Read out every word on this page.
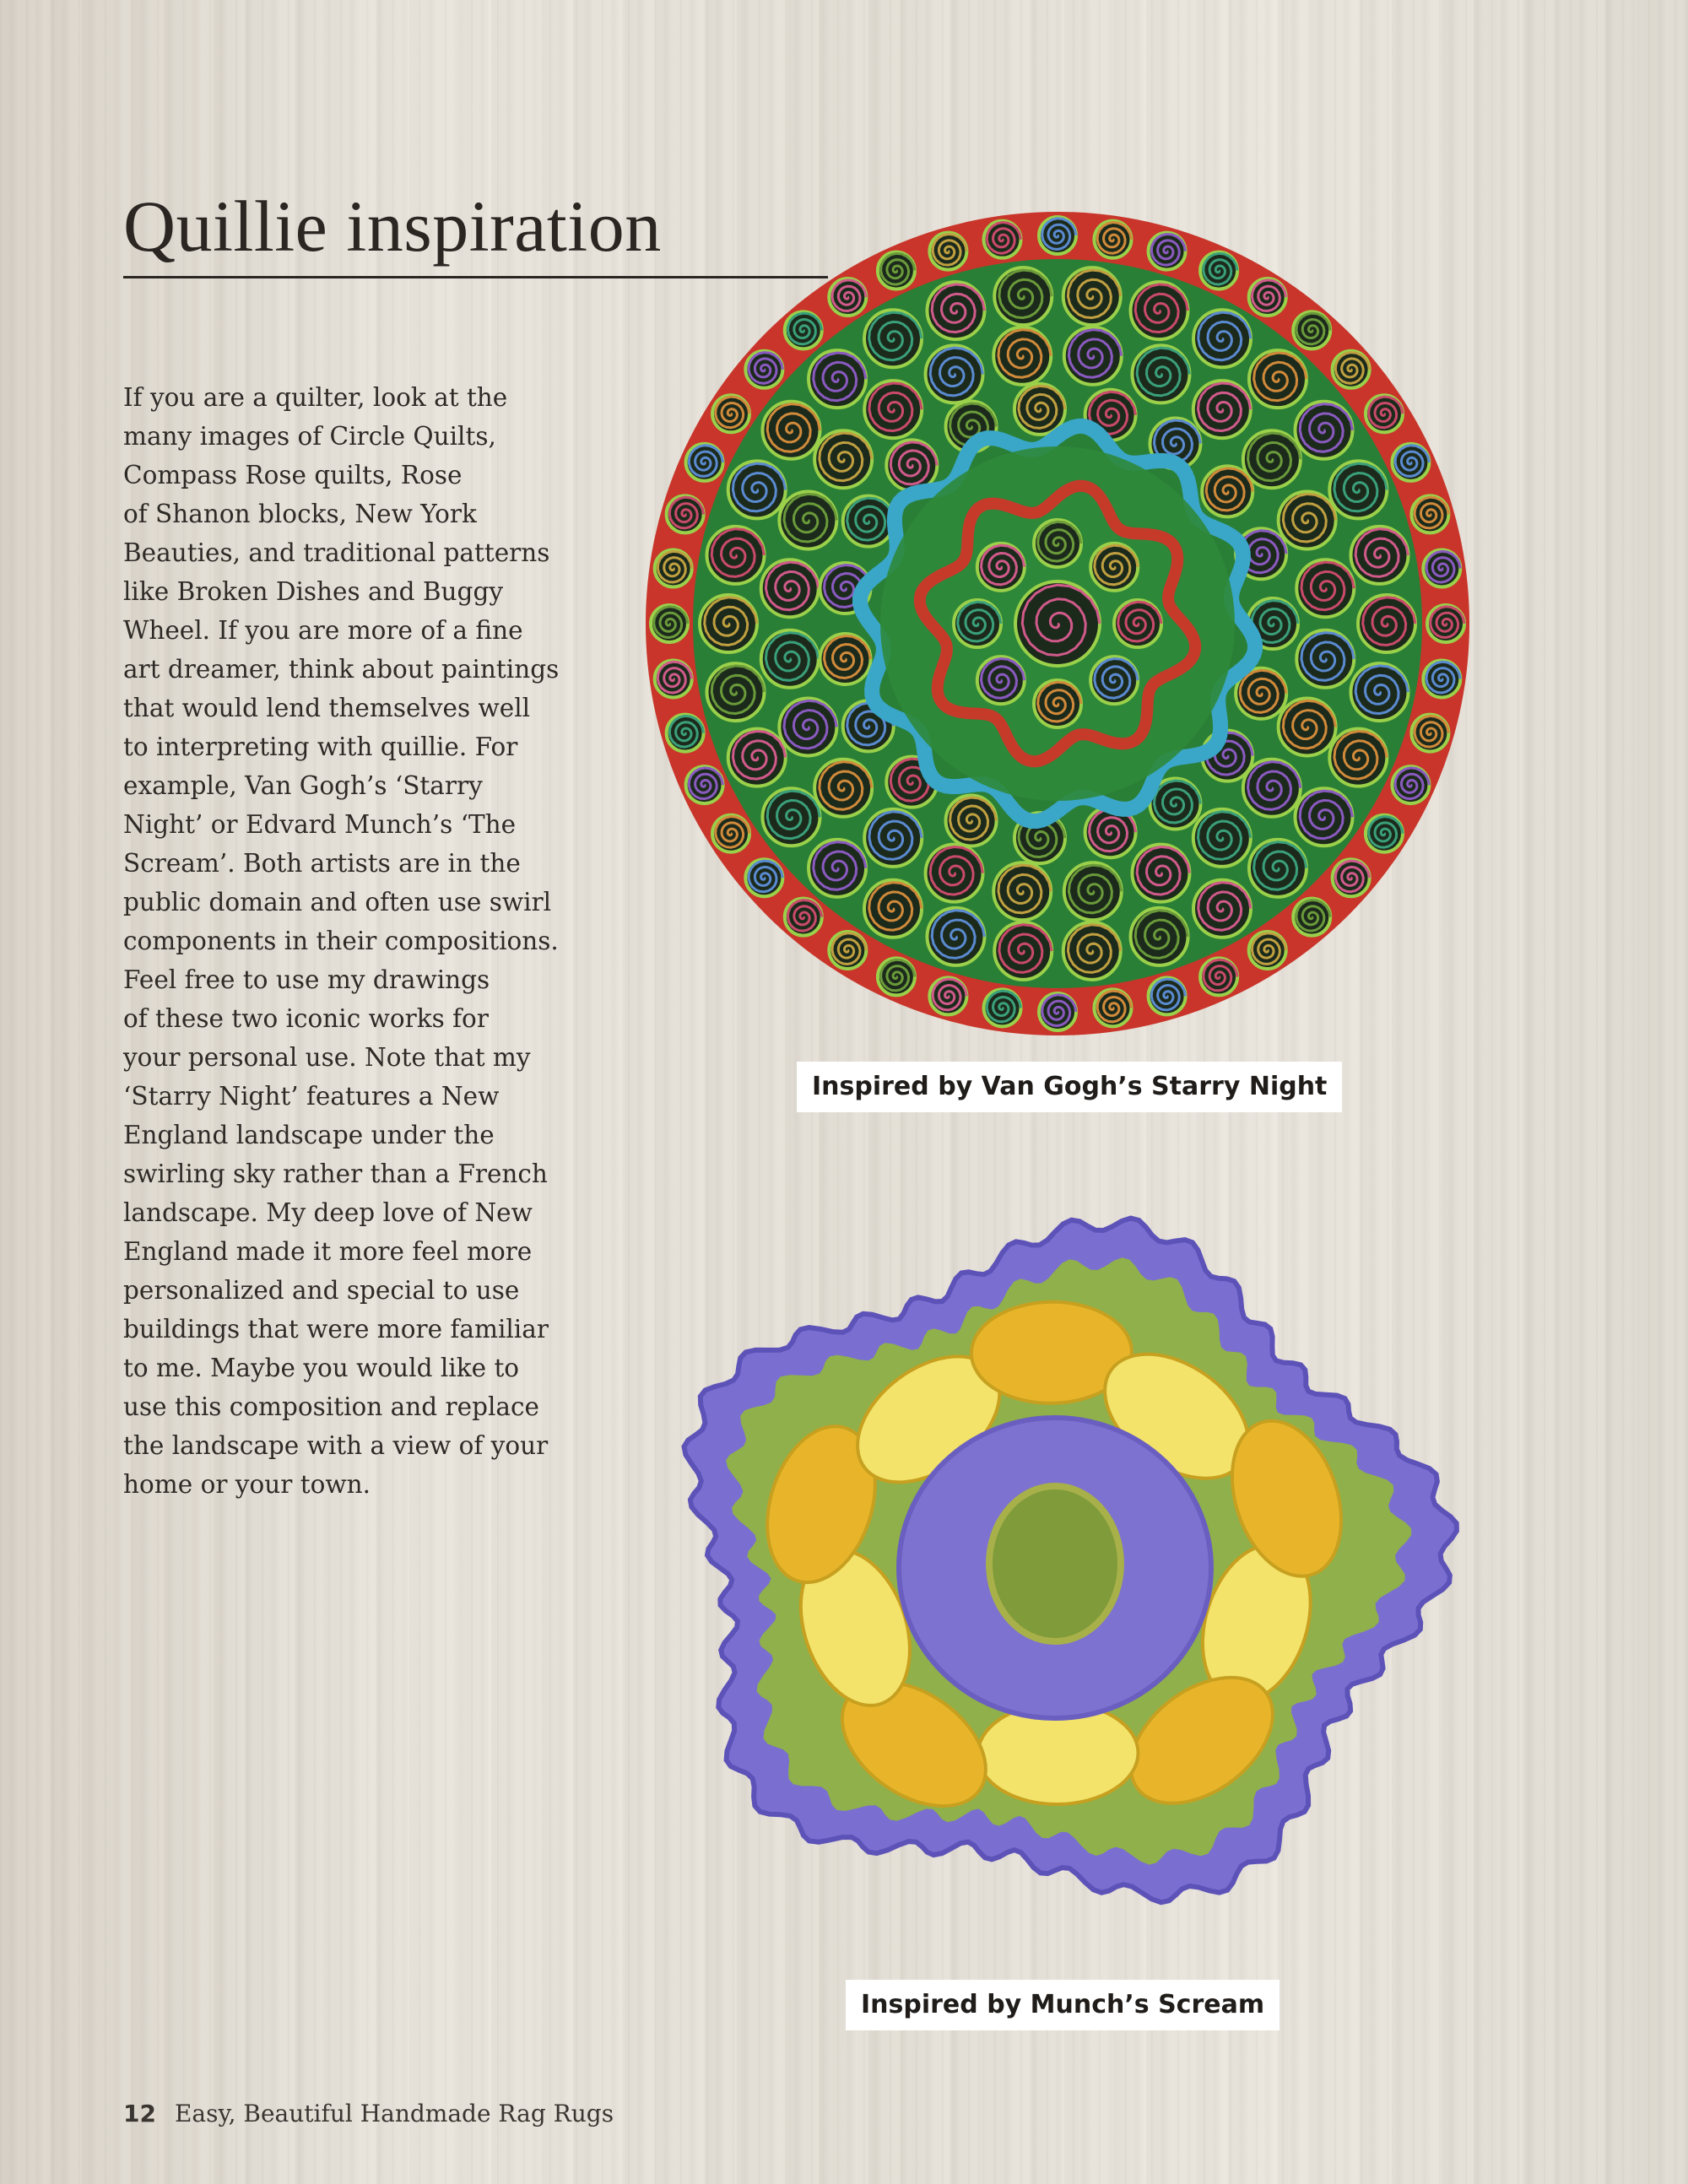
Quillie inspiration

If you are a quilter, look at the
many images of Circle Quilts,
Compass Rose quilts, Rose
of Shanon blocks, New York
Beauties, and traditional patterns
like Broken Dishes and Buggy
Wheel. If you are more of a fine
art dreamer, think about paintings
that would lend themselves well
to interpreting with quillie. For
example, Van Gogh’s ‘Starry
Night’ or Edvard Munch’s ‘The
Scream’. Both artists are in the
public domain and often use swirl
components in their compositions.
Feel free to use my drawings
of these two iconic works for
your personal use. Note that my
‘Starry Night’ features a New
England landscape under the
swirling sky rather than a French
landscape. My deep love of New
England made it more feel more
personalized and special to use
buildings that were more familiar
to me. Maybe you would like to
use this composition and replace
the landscape with a view of your
home or your town.

Inspired by Van Gogh’s Starry Night
Inspired by Munch’s Scream
12 Easy, Beautiful Handmade Rag Rugs
